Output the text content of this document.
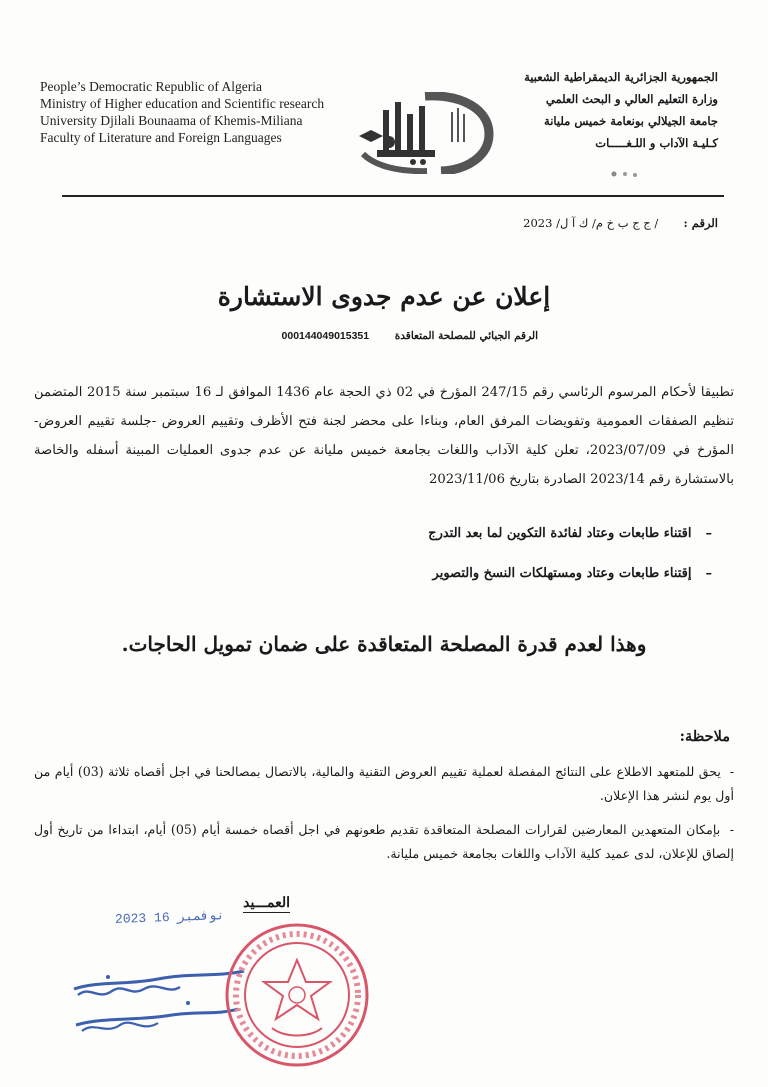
People’s Democratic Republic of Algeria
Ministry of Higher education and Scientific research
University Djilali Bounaama of Khemis-Miliana
Faculty of Literature and Foreign Languages
الجمهورية الجزائرية الديمقراطية الشعبية
وزارة التعليم العالي و البحث العلمي
جامعة الجيلالي بونعامة خميس مليانة
كـليـة الآداب و اللـغـــــات
الرقم :  / ج ج ب خ م/ ك آ ل/ 2023
إعلان عن عدم جدوى الاستشارة
الرقم الجبائي للمصلحة المتعاقدة 000144049015351
تطبيقا لأحكام المرسوم الرئاسي رقم 247/15 المؤرخ في 02 ذي الحجة عام 1436 الموافق لـ 16 سبتمبر سنة 2015 المتضمن تنظيم الصفقات العمومية وتفويضات المرفق العام، وبناءا على محضر لجنة فتح الأظرف وتقييم العروض -جلسة تقييم العروض- المؤرخ في 2023/07/09، تعلن كلية الآداب واللغات بجامعة خميس مليانة عن عدم جدوى العمليات المبينة أسفله والخاصة بالاستشارة رقم 2023/14 الصادرة بتاريخ 2023/11/06
–اقتناء طابعات وعتاد لفائدة التكوين لما بعد التدرج
–إقتناء طابعات وعتاد ومستهلكات النسخ والتصوير
وهذا لعدم قدرة المصلحة المتعاقدة على ضمان تمويل الحاجات.
ملاحظة:

-  يحق للمتعهد الاطلاع على النتائج المفصلة لعملية تقييم العروض التقنية والمالية، بالاتصال بمصالحنا في اجل أقصاه ثلاثة (03) أيام من أول يوم لنشر هذا الإعلان.

-  بإمكان المتعهدين المعارضين لقرارات المصلحة المتعاقدة تقديم طعونهم في اجل أقصاه خمسة أيام (05) أيام، ابتداءا من تاريخ أول إلصاق للإعلان، لدى عميد كلية الآداب واللغات بجامعة خميس مليانة.

العمـــيد
2023 نوفمبر 16
